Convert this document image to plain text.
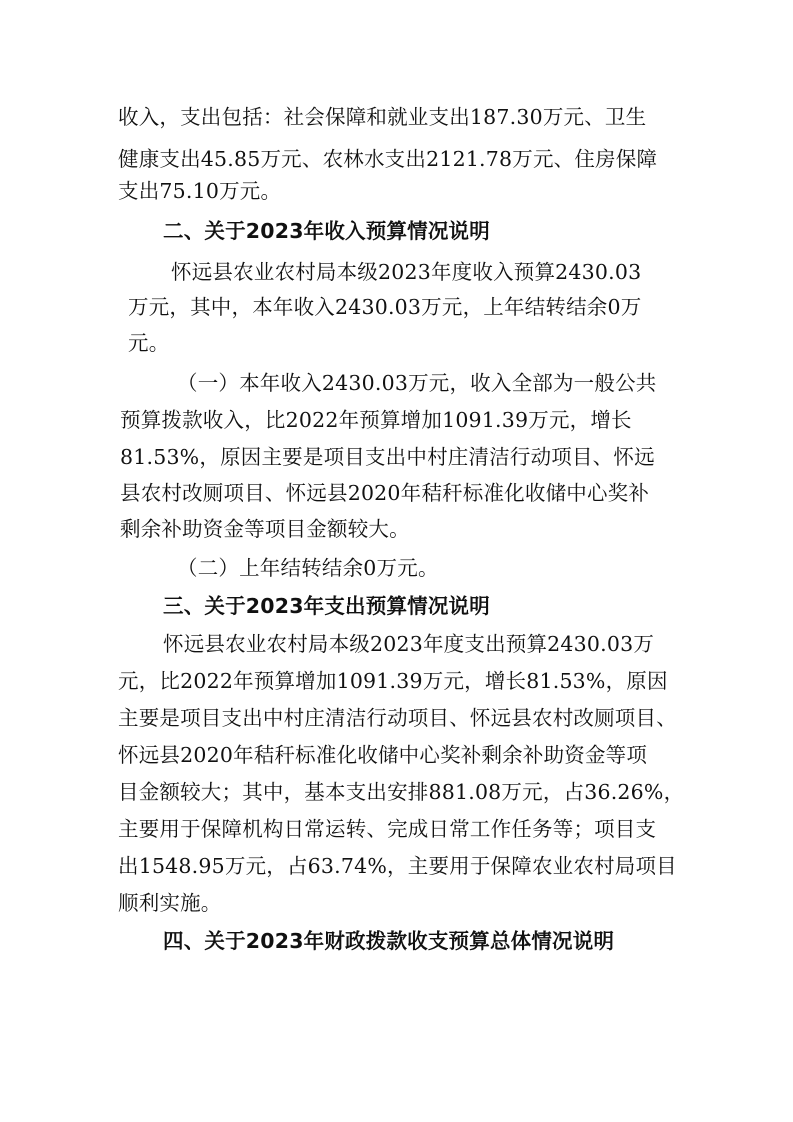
收入，支出包括：社会保障和就业支出187.30万元、卫生
健康支出45.85万元、农林水支出2121.78万元、住房保障
支出75.10万元。
二、关于2023年收入预算情况说明
怀远县农业农村局本级2023年度收入预算2430.03
万元，其中，本年收入2430.03万元，上年结转结余0万
元。
（一）本年收入2430.03万元，收入全部为一般公共
预算拨款收入，比2022年预算增加1091.39万元，增长
81.53%，原因主要是项目支出中村庄清洁行动项目、怀远
县农村改厕项目、怀远县2020年秸秆标准化收储中心奖补
剩余补助资金等项目金额较大。
（二）上年结转结余0万元。
三、关于2023年支出预算情况说明
怀远县农业农村局本级2023年度支出预算2430.03万
元，比2022年预算增加1091.39万元，增长81.53%，原因
主要是项目支出中村庄清洁行动项目、怀远县农村改厕项目、
怀远县2020年秸秆标准化收储中心奖补剩余补助资金等项
目金额较大；其中，基本支出安排881.08万元，占36.26%，
主要用于保障机构日常运转、完成日常工作任务等；项目支
出1548.95万元，占63.74%，主要用于保障农业农村局项目
顺利实施。
四、关于2023年财政拨款收支预算总体情况说明
